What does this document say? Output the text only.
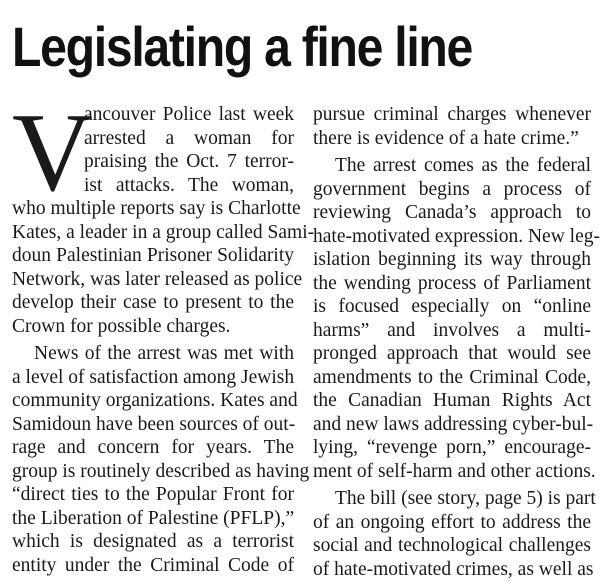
Legislating a fine line
V
ancouver Police last week
arrested a woman for
praising the Oct. 7 terror-
ist attacks. The woman,
who multiple reports say is Charlotte
Kates, a leader in a group called Sami-
doun Palestinian Prisoner Solidarity
Network, was later released as police
develop their case to present to the
Crown for possible charges.
News of the arrest was met with
a level of satisfaction among Jewish
community organizations. Kates and
Samidoun have been sources of out-
rage and concern for years. The
group is routinely described as having
“direct ties to the Popular Front for
the Liberation of Palestine (PFLP),”
which is designated as a terrorist
entity under the Criminal Code of
pursue criminal charges whenever
there is evidence of a hate crime.”
The arrest comes as the federal
government begins a process of
reviewing Canada’s approach to
hate-motivated expression. New leg-
islation beginning its way through
the wending process of Parliament
is focused especially on “online
harms” and involves a multi-
pronged approach that would see
amendments to the Criminal Code,
the Canadian Human Rights Act
and new laws addressing cyber-bul-
lying, “revenge porn,” encourage-
ment of self-harm and other actions.
The bill (see story, page 5) is part
of an ongoing effort to address the
social and technological challenges
of hate-motivated crimes, as well as
